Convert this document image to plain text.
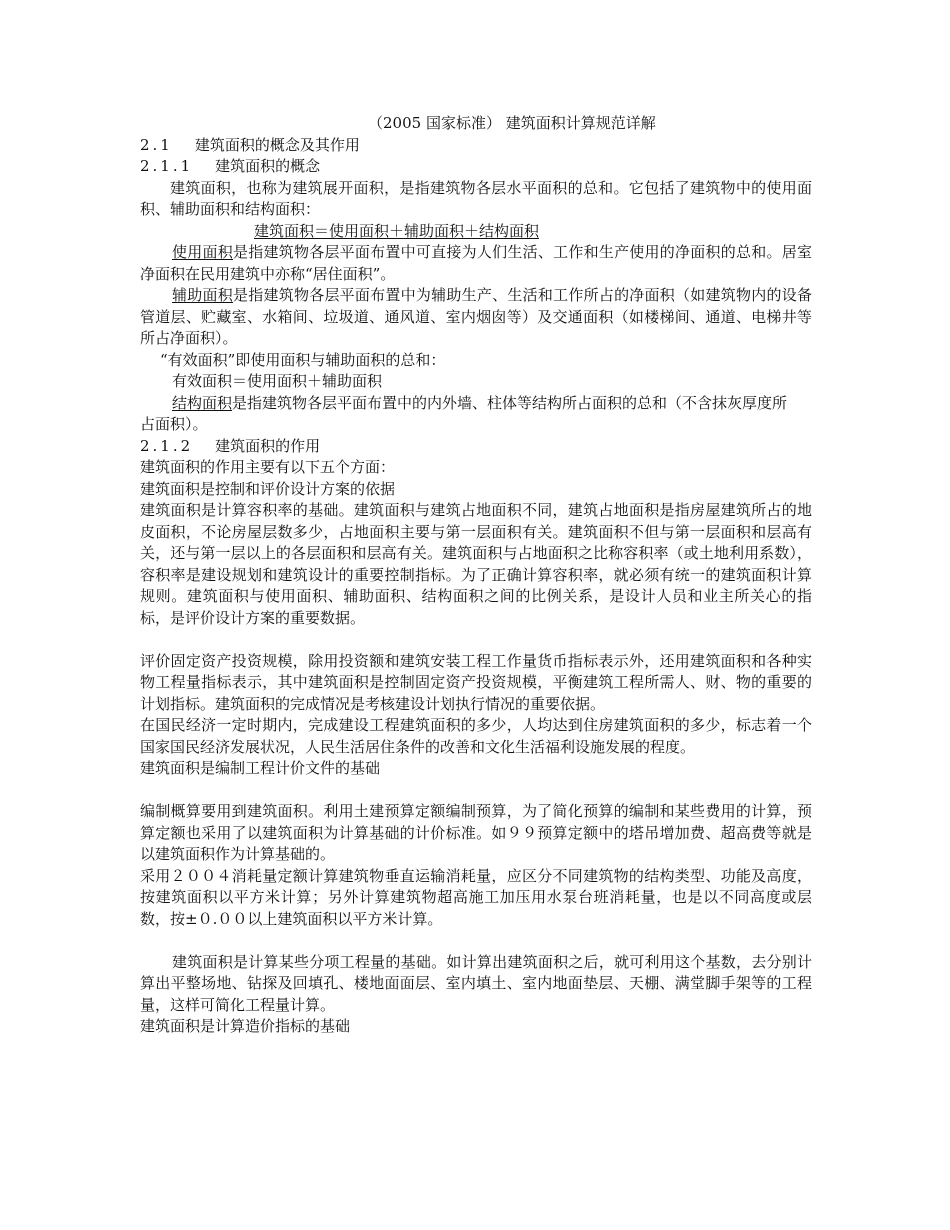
（2005 国家标准） 建筑面积计算规范详解
2.1 建筑面积的概念及其作用
2.1.1 建筑面积的概念
建筑面积，也称为建筑展开面积，是指建筑物各层水平面积的总和。它包括了建筑物中的使用面积、辅助面积和结构面积：
建筑面积＝使用面积＋辅助面积＋结构面积
使用面积是指建筑物各层平面布置中可直接为人们生活、工作和生产使用的净面积的总和。居室净面积在民用建筑中亦称“居住面积”。
辅助面积是指建筑物各层平面布置中为辅助生产、生活和工作所占的净面积（如建筑物内的设备管道层、贮藏室、水箱间、垃圾道、通风道、室内烟囱等）及交通面积（如楼梯间、通道、电梯井等所占净面积）。
“有效面积”即使用面积与辅助面积的总和：
有效面积＝使用面积＋辅助面积
结构面积是指建筑物各层平面布置中的内外墙、柱体等结构所占面积的总和（不含抹灰厚度所
占面积）。
2.1.2 建筑面积的作用
建筑面积的作用主要有以下五个方面：
建筑面积是控制和评价设计方案的依据
建筑面积是计算容积率的基础。建筑面积与建筑占地面积不同，建筑占地面积是指房屋建筑所占的地皮面积，不论房屋层数多少，占地面积主要与第一层面积有关。建筑面积不但与第一层面积和层高有关，还与第一层以上的各层面积和层高有关。建筑面积与占地面积之比称容积率（或土地利用系数），容积率是建设规划和建筑设计的重要控制指标。为了正确计算容积率，就必须有统一的建筑面积计算规则。建筑面积与使用面积、辅助面积、结构面积之间的比例关系，是设计人员和业主所关心的指标，是评价设计方案的重要数据。
评价固定资产投资规模，除用投资额和建筑安装工程工作量货币指标表示外，还用建筑面积和各种实物工程量指标表示，其中建筑面积是控制固定资产投资规模，平衡建筑工程所需人、财、物的重要的计划指标。建筑面积的完成情况是考核建设计划执行情况的重要依据。
在国民经济一定时期内，完成建设工程建筑面积的多少，人均达到住房建筑面积的多少，标志着一个国家国民经济发展状况，人民生活居住条件的改善和文化生活福利设施发展的程度。
建筑面积是编制工程计价文件的基础
编制概算要用到建筑面积。利用土建预算定额编制预算，为了简化预算的编制和某些费用的计算，预算定额也采用了以建筑面积为计算基础的计价标准。如９９预算定额中的塔吊增加费、超高费等就是以建筑面积作为计算基础的。
采用２００４消耗量定额计算建筑物垂直运输消耗量，应区分不同建筑物的结构类型、功能及高度，按建筑面积以平方米计算；另外计算建筑物超高施工加压用水泵台班消耗量，也是以不同高度或层数，按±０.００以上建筑面积以平方米计算。
建筑面积是计算某些分项工程量的基础。如计算出建筑面积之后，就可利用这个基数，去分别计算出平整场地、钻探及回填孔、楼地面面层、室内填土、室内地面垫层、天棚、满堂脚手架等的工程量，这样可简化工程量计算。
建筑面积是计算造价指标的基础
